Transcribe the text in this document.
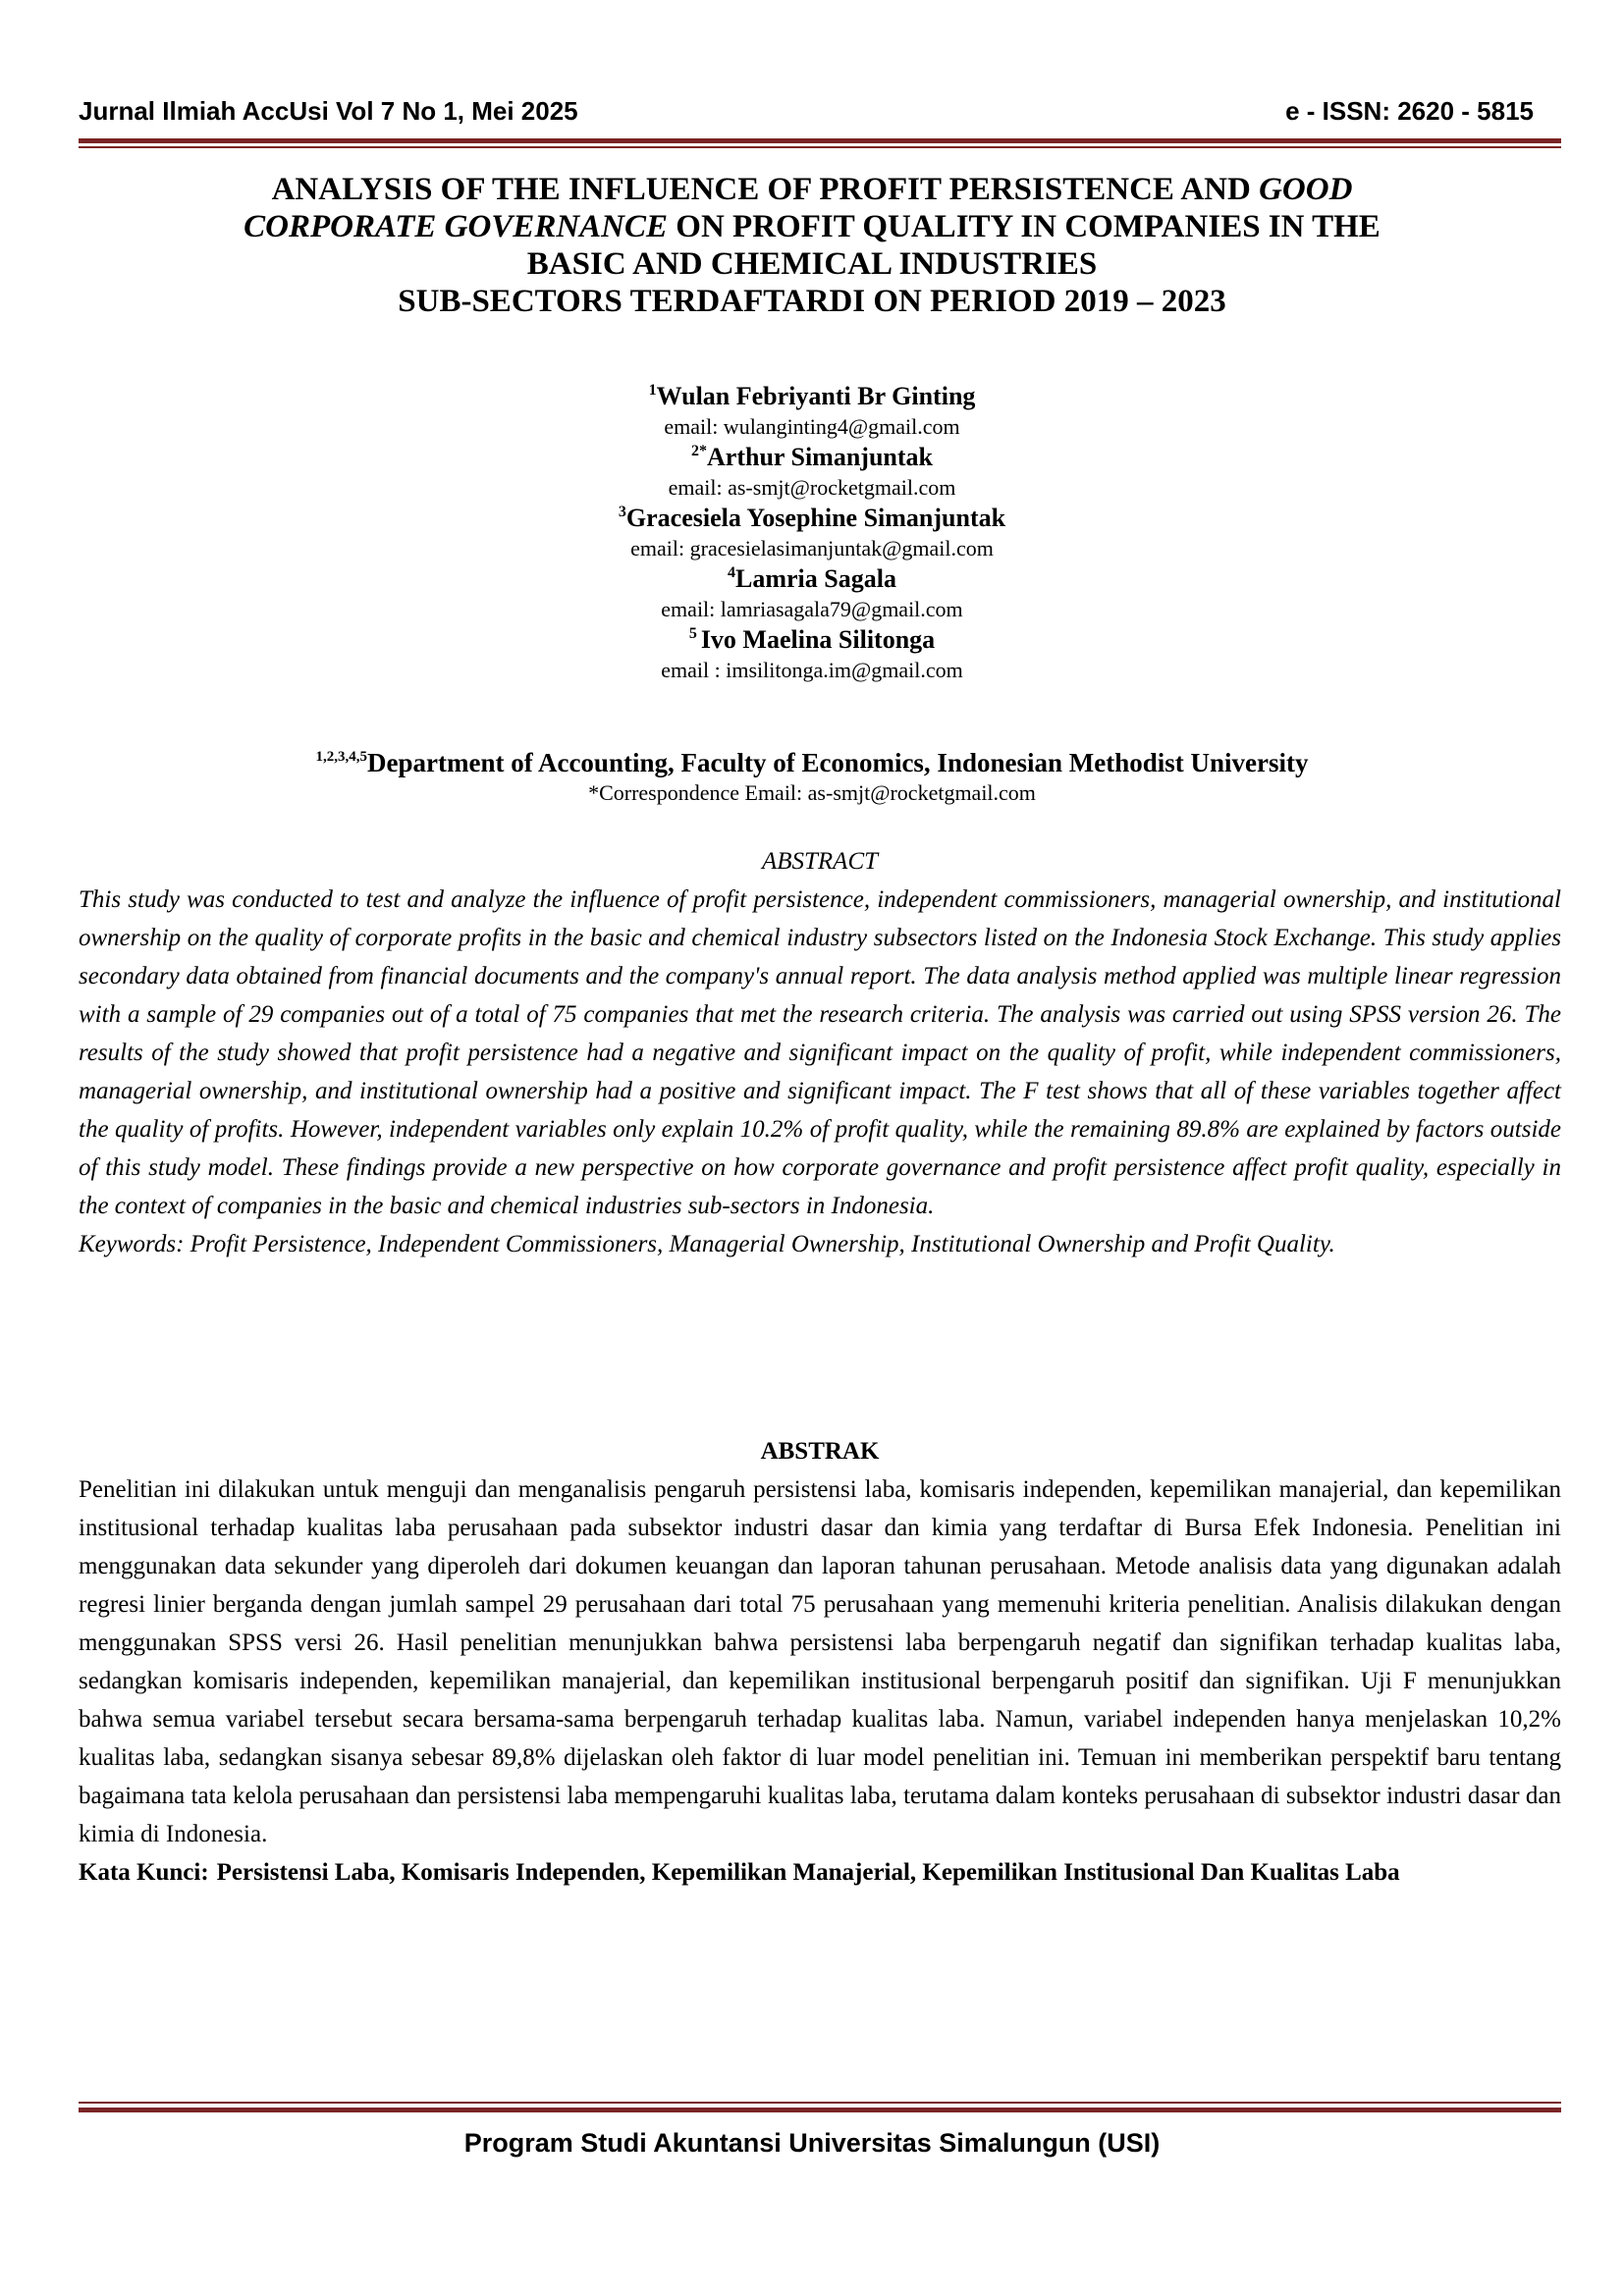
Jurnal Ilmiah AccUsi Vol 7 No 1, Mei 2025	e - ISSN: 2620 - 5815
ANALYSIS OF THE INFLUENCE OF PROFIT PERSISTENCE AND GOOD
CORPORATE GOVERNANCE ON PROFIT QUALITY IN COMPANIES IN THE
BASIC AND CHEMICAL INDUSTRIES
SUB-SECTORS TERDAFTARDI ON PERIOD 2019 – 2023
$^1$Wulan Febriyanti Br Ginting
email: wulanginting4@gmail.com
$^{2*}$Arthur Simanjuntak
email: as-smjt@rocketgmail.com
$^3$Gracesiela Yosephine Simanjuntak
email: gracesielasimanjuntak@gmail.com
$^4$Lamria Sagala
email: lamriasagala79@gmail.com
$^5$ Ivo Maelina Silitonga
email : imsilitonga.im@gmail.com
$^{1,2,3,4,5}$Department of Accounting, Faculty of Economics, Indonesian Methodist University
*Correspondence Email: as-smjt@rocketgmail.com
ABSTRACT

This study was conducted to test and analyze the influence of profit persistence, independent commissioners, managerial ownership, and institutional ownership on the quality of corporate profits in the basic and chemical industry subsectors listed on the Indonesia Stock Exchange. This study applies secondary data obtained from financial documents and the company's annual report. The data analysis method applied was multiple linear regression with a sample of 29 companies out of a total of 75 companies that met the research criteria. The analysis was carried out using SPSS version 26. The results of the study showed that profit persistence had a negative and significant impact on the quality of profit, while independent commissioners, managerial ownership, and institutional ownership had a positive and significant impact. The F test shows that all of these variables together affect the quality of profits. However, independent variables only explain 10.2% of profit quality, while the remaining 89.8% are explained by factors outside of this study model. These findings provide a new perspective on how corporate governance and profit persistence affect profit quality, especially in the context of companies in the basic and chemical industries sub-sectors in Indonesia.

Keywords: Profit Persistence, Independent Commissioners, Managerial Ownership, Institutional Ownership and Profit Quality.

ABSTRAK

Penelitian ini dilakukan untuk menguji dan menganalisis pengaruh persistensi laba, komisaris independen, kepemilikan manajerial, dan kepemilikan institusional terhadap kualitas laba perusahaan pada subsektor industri dasar dan kimia yang terdaftar di Bursa Efek Indonesia. Penelitian ini menggunakan data sekunder yang diperoleh dari dokumen keuangan dan laporan tahunan perusahaan. Metode analisis data yang digunakan adalah regresi linier berganda dengan jumlah sampel 29 perusahaan dari total 75 perusahaan yang memenuhi kriteria penelitian. Analisis dilakukan dengan menggunakan SPSS versi 26. Hasil penelitian menunjukkan bahwa persistensi laba berpengaruh negatif dan signifikan terhadap kualitas laba, sedangkan komisaris independen, kepemilikan manajerial, dan kepemilikan institusional berpengaruh positif dan signifikan. Uji F menunjukkan bahwa semua variabel tersebut secara bersama-sama berpengaruh terhadap kualitas laba. Namun, variabel independen hanya menjelaskan 10,2% kualitas laba, sedangkan sisanya sebesar 89,8% dijelaskan oleh faktor di luar model penelitian ini. Temuan ini memberikan perspektif baru tentang bagaimana tata kelola perusahaan dan persistensi laba mempengaruhi kualitas laba, terutama dalam konteks perusahaan di subsektor industri dasar dan kimia di Indonesia.

Kata Kunci: Persistensi Laba, Komisaris Independen, Kepemilikan Manajerial, Kepemilikan Institusional Dan Kualitas Laba
Program Studi Akuntansi Universitas Simalungun (USI)
